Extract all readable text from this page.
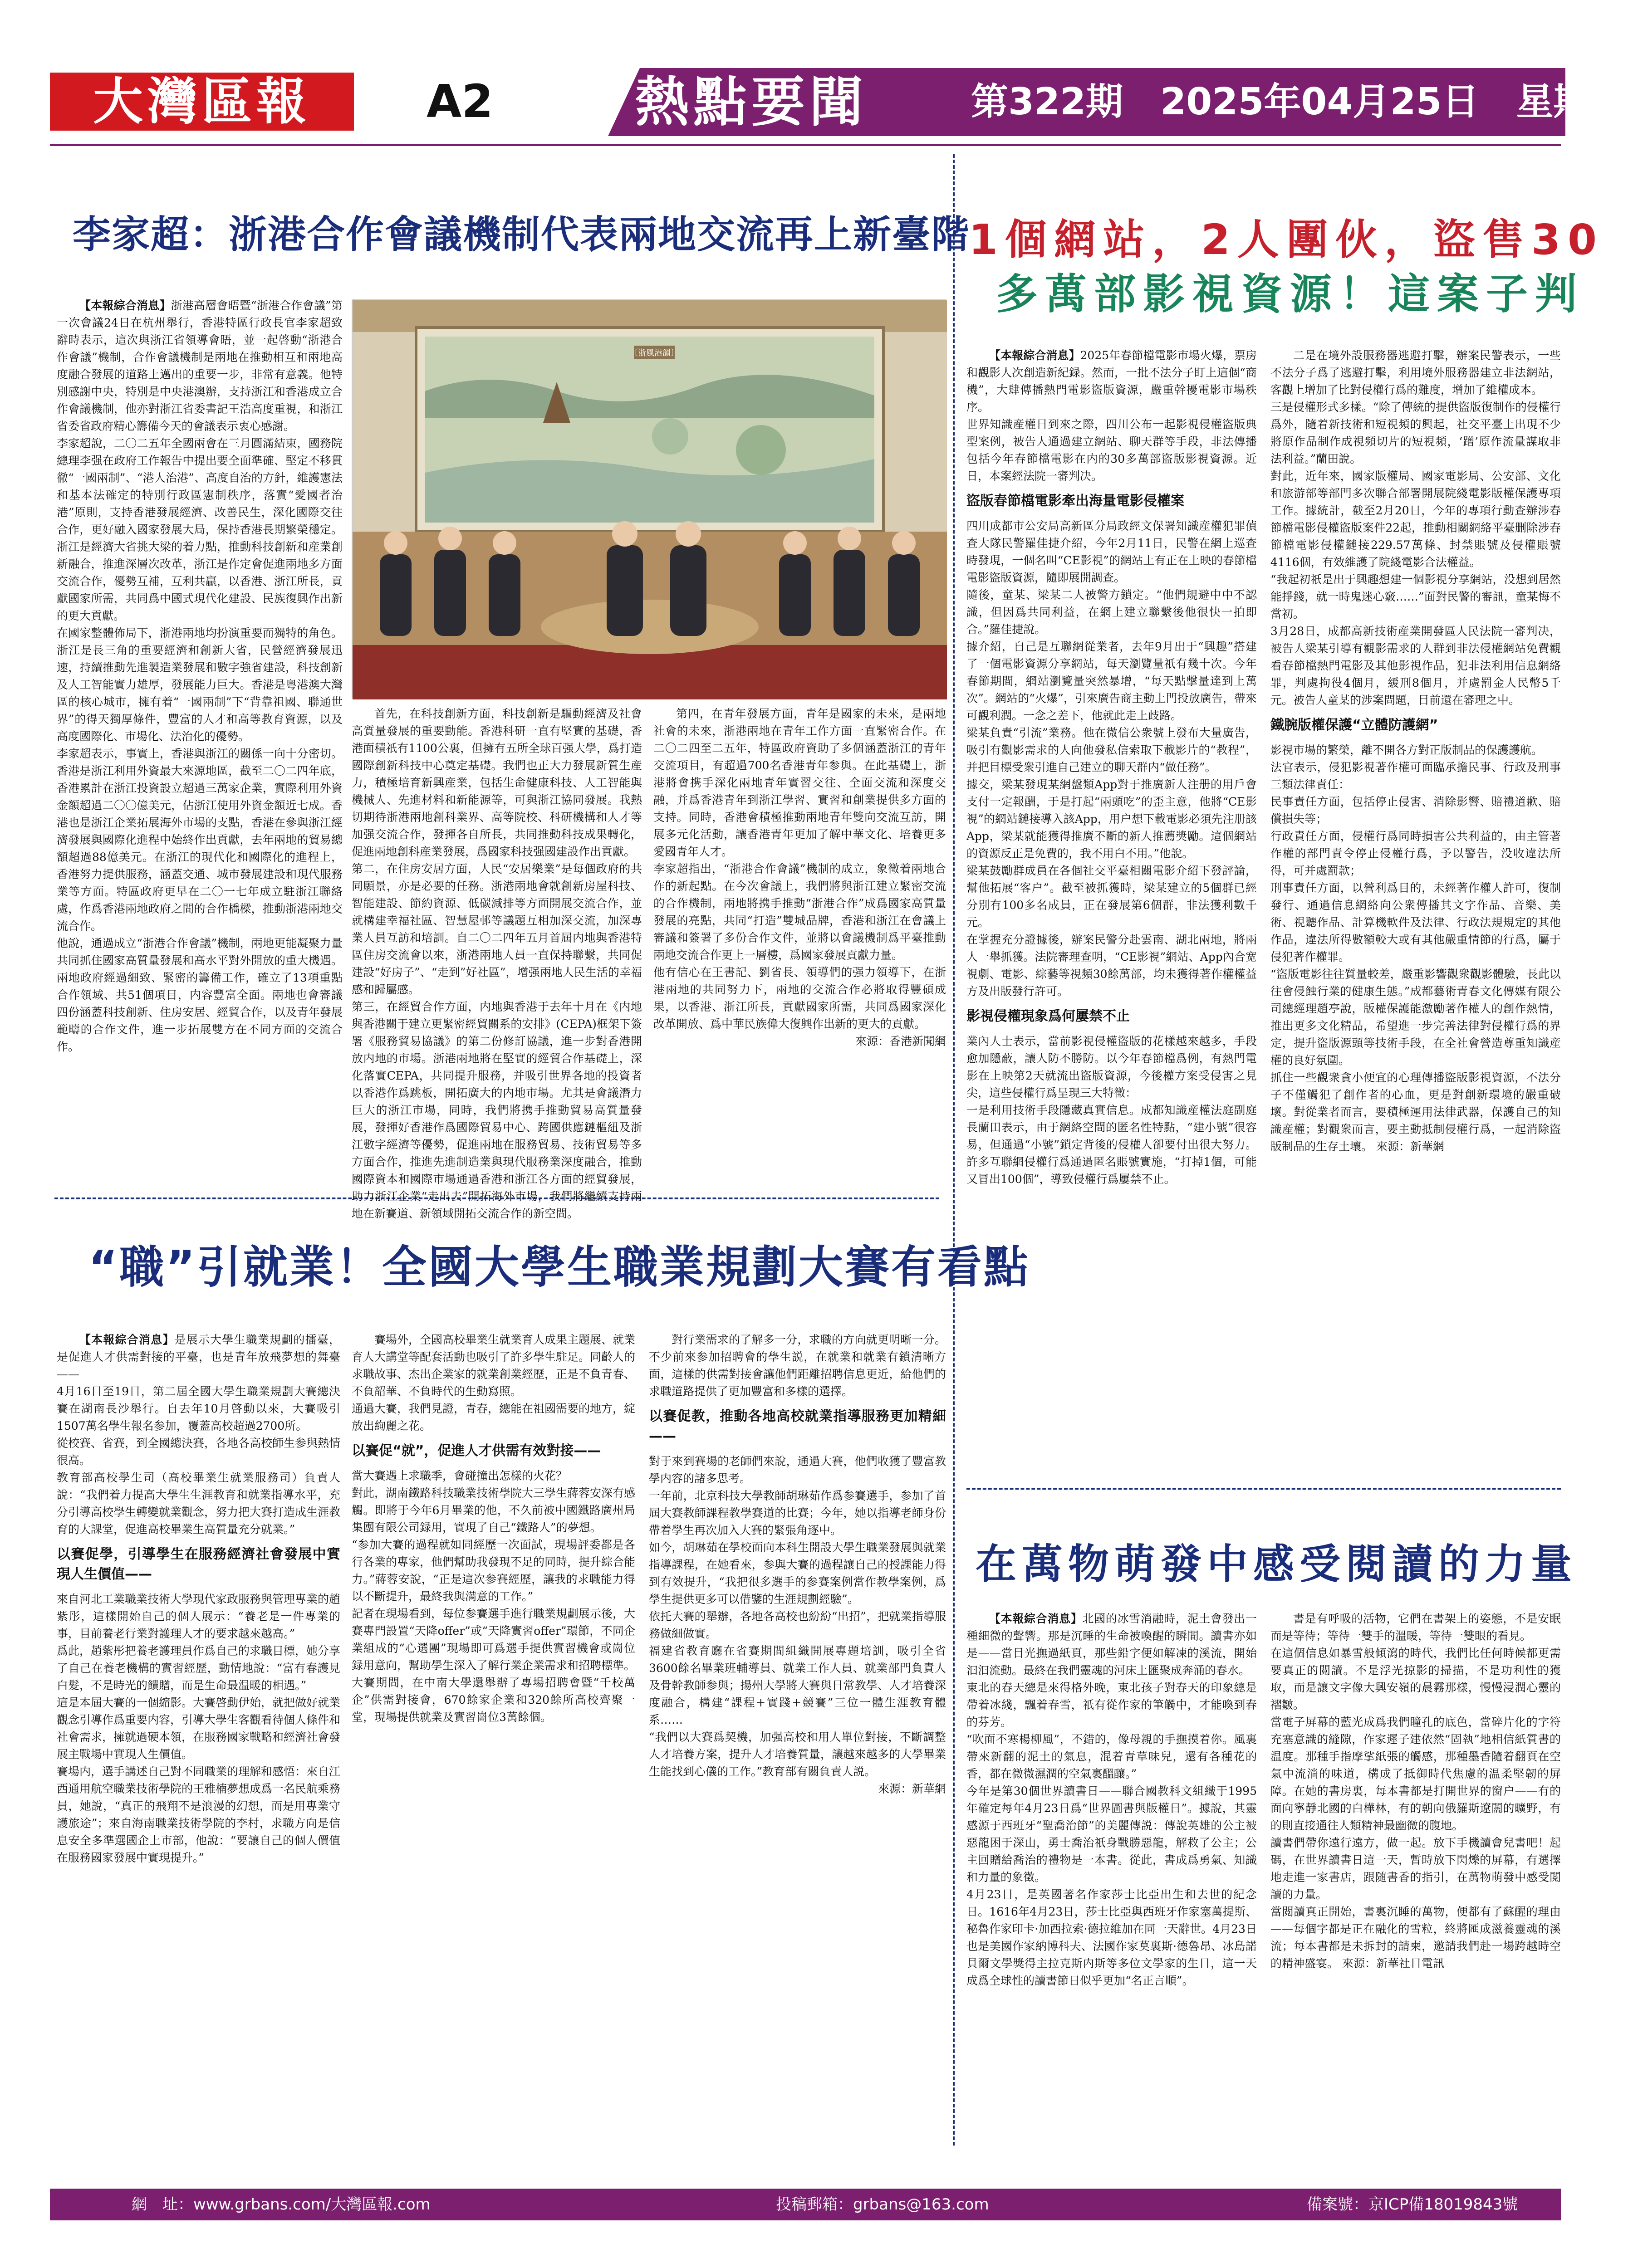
大灣區報	A2	熱點要聞	第322期　2025年04月25日　星期五
李家超：浙港合作會議機制代表兩地交流再上新臺階
【本報綜合消息】浙港高層會晤暨“浙港合作會議”第一次會議24日在杭州舉行，香港特區行政長官李家超致辭時表示，這次與浙江省領導會晤，並一起啓動“浙港合作會議”機制，合作會議機制是兩地在推動相互和兩地高度融合發展的道路上邁出的重要一步，非常有意義。他特別感謝中央，特別是中央港澳辦，支持浙江和香港成立合作會議機制，他亦對浙江省委書記王浩高度重視，和浙江省委省政府精心籌備今天的會議表示衷心感謝。
李家超說，二〇二五年全國兩會在三月圓滿結束，國務院總理李强在政府工作報告中提出要全面準確、堅定不移貫徹“一國兩制”、“港人治港”、高度自治的方針，維護憲法和基本法確定的特別行政區憲制秩序，落實“愛國者治港”原則，支持香港發展經濟、改善民生，深化國際交往合作，更好融入國家發展大局，保持香港長期繁榮穩定。浙江是經濟大省挑大梁的着力點，推動科技創新和産業創新融合，推進深層次改革，浙江是作定會促進兩地多方面交流合作，優勢互補，互利共贏，以香港、浙江所長，貢獻國家所需，共同爲中國式現代化建設、民族復興作出新的更大貢獻。
在國家整體佈局下，浙港兩地均扮演重要而獨特的角色。浙江是長三角的重要經濟和創新大省，民營經濟發展迅速，持續推動先進製造業發展和數字強省建設，科技創新及人工智能實力雄厚，發展能力巨大。香港是粵港澳大灣區的核心城市，擁有着“一國兩制”下“背靠祖國、聯通世界”的得天獨厚條件，豐富的人才和高等教育資源，以及高度國際化、市場化、法治化的優勢。
李家超表示，事實上，香港與浙江的關係一向十分密切。香港是浙江利用外資最大來源地區，截至二〇二四年底，香港累計在浙江投資設立超過三萬家企業，實際利用外資金額超過二〇〇億美元，佔浙江使用外資金額近七成。香港也是浙江企業拓展海外市場的支點，香港在參與浙江經濟發展與國際化進程中始終作出貢獻，去年兩地的貿易總額超過88億美元。在浙江的現代化和國際化的進程上，香港努力提供服務，涵蓋交通、城市發展建設和現代服務業等方面。特區政府更早在二〇一七年成立駐浙江聯絡處，作爲香港兩地政府之間的合作橋樑，推動浙港兩地交流合作。
他說，通過成立“浙港合作會議”機制，兩地更能凝聚力量共同抓住國家高質量發展和高水平對外開放的重大機遇。兩地政府經過細致、緊密的籌備工作，確立了13項重點合作領域、共51個項目，内容豐富全面。兩地也會審議四份涵蓋科技創新、住房安居、經貿合作，以及青年發展範疇的合作文件，進一步拓展雙方在不同方面的交流合作。
〔浙風港韻〕
首先，在科技創新方面，科技創新是驅動經濟及社會高質量發展的重要動能。香港科研一直有堅實的基礎，香港面積祇有1100公裏，但擁有五所全球百强大學，爲打造國際創新科技中心奠定基礎。我們也正大力發展新質生産力，積極培育新興産業，包括生命健康科技、人工智能與機械人、先進材料和新能源等，可與浙江協同發展。我熱切期待浙港兩地創科業界、高等院校、科研機構和人才等加强交流合作，發揮各自所長，共同推動科技成果轉化，促進兩地創科産業發展，爲國家科技强國建設作出貢獻。
第二，在住房安居方面，人民“安居樂業”是每個政府的共同願景，亦是必要的任務。浙港兩地會就創新房屋科技、智能建設、節約資源、低碳減排等方面開展交流合作，並就構建幸福社區、智慧屋邨等議題互相加深交流，加深專業人員互訪和培訓。自二〇二四年五月首屆内地與香港特區住房交流會以來，浙港兩地人員一直保持聯繫，共同促建設“好房子”、“走到”好社區”，增强兩地人民生活的幸福感和歸屬感。
第三，在經貿合作方面，内地與香港于去年十月在《内地與香港關于建立更緊密經貿關系的安排》(CEPA)框架下簽署《服務貿易協議》的第二份修訂協議，進一步對香港開放内地的市場。浙港兩地將在堅實的經貿合作基礎上，深化落實CEPA，共同提升服務，并吸引世界各地的投資者以香港作爲跳板，開拓廣大的内地市場。尤其是會議潛力巨大的浙江市場，同時，我們將携手推動貿易高質量發展，發揮好香港作爲國際貿易中心、跨國供應鏈樞紐及浙江數字經濟等優勢，促進兩地在服務貿易、技術貿易等多方面合作，推進先進制造業與現代服務業深度融合，推動國際資本和國際市場通過香港和浙江各方面的經貿發展，助力浙江企業“走出去”開拓海外市場，我們將繼續支持兩地在新賽道、新領域開拓交流合作的新空間。
第四，在青年發展方面，青年是國家的未來，是兩地社會的未來，浙港兩地在青年工作方面一直緊密合作。在二〇二四至二五年，特區政府資助了多個涵蓋浙江的青年交流項目，有超過700名香港青年参與。在此基礎上，浙港將會携手深化兩地青年實習交往、全面交流和深度交融，并爲香港青年到浙江學習、實習和創業提供多方面的支持。同時，香港會積極推動兩地青年雙向交流互訪，開展多元化活動，讓香港青年更加了解中華文化、培養更多愛國青年人才。
李家超指出，“浙港合作會議”機制的成立，象徵着兩地合作的新起點。在今次會議上，我們將與浙江建立緊密交流的合作機制，兩地將携手推動“浙港合作”成爲國家高質量發展的亮點，共同“打造”雙城品牌，香港和浙江在會議上審議和簽署了多份合作文件，並將以會議機制爲平臺推動兩地交流合作更上一層樓，爲國家發展貢獻力量。
他有信心在王書記、劉省長、領導們的强力領導下，在浙港兩地的共同努力下，兩地的交流合作必將取得豐碩成果，以香港、浙江所長，貢獻國家所需，共同爲國家深化改革開放、爲中華民族偉大復興作出新的更大的貢獻。

來源：香港新聞網
1個網站，2人團伙，盜售30
多萬部影視資源！這案子判
【本報綜合消息】2025年春節檔電影市場火爆，票房和觀影人次創造新紀録。然而，一批不法分子盯上這個“商機”，大肆傳播熱門電影盜版資源，嚴重幹擾電影市場秩序。
世界知識産權日到來之際，四川公布一起影視侵權盜版典型案例，被告人通過建立網站、聊天群等手段，非法傳播包括今年春節檔電影在内的30多萬部盜版影視資源。近日，本案經法院一審判决。

盜版春節檔電影牽出海量電影侵權案
四川成都市公安局高新區分局政經文保署知識産權犯罪偵查大隊民警羅佳捷介紹，今年2月11日，民警在網上巡查時發現，一個名叫“CE影視”的網站上有正在上映的春節檔電影盜版資源，隨即展開調查。
隨後，童某、梁某二人被警方鎖定。“他們規避中中不認識，但因爲共同利益，在網上建立聯繫後他很快一拍即合。”羅佳捷說。
據介紹，自己是互聯網從業者，去年9月出于“興趣”搭建了一個電影資源分享網站，每天瀏覽量祇有幾十次。今年春節期間，網站瀏覽量突然暴增，“每天點擊量達到上萬次”。網站的“火爆”，引來廣告商主動上門投放廣告，帶來可觀利潤。一念之差下，他就此走上歧路。
梁某負責“引流”業務。他在微信公衆號上發布大量廣告，吸引有觀影需求的人向他發私信索取下載影片的“教程”，并把目標受衆引進自己建立的聊天群内“做任務”。
據交，梁某發現某網盤類App對于推廣新人注册的用戶會支付一定報酬，于是打起“兩頭吃”的歪主意，他將“CE影視”的網站鏈接導入該App，用户想下載電影必須先注册該App，梁某就能獲得推廣不斷的新人推薦獎勵。這個網站的資源反正是免費的，我不用白不用。”他說。
梁某鼓勵群成員在各個社交平臺相關電影介紹下發評論，幫他拓展“客户”。截至被抓獲時，梁某建立的5個群已經分別有100多名成員，正在發展第6個群，非法獲利數千元。
在掌握充分證據後，辦案民警分赴雲南、湖北兩地，將兩人一舉抓獲。法院審理查明，“CE影視”網站、App內合宽視劇、電影、綜藝等視頻30餘萬部，均未獲得著作權權益方及出版發行許可。

影視侵權現象爲何屢禁不止
業內人士表示，當前影視侵權盜版的花樣越來越多，手段愈加隱蔽，讓人防不勝防。以今年春節檔爲例，有熱門電影在上映第2天就流出盜版資源，今後權方案受侵害之見尖，這些侵權行爲呈現三大特徵：
一是利用技術手段隱藏真實信息。成都知識産權法庭副庭長蘭田表示，由于網絡空間的匿名性特點，“建小號”很容易，但通過“小號”鎖定背後的侵權人卻要付出很大努力。許多互聯網侵權行爲通過匿名賬號實施，“打掉1個，可能又冒出100個”，導致侵權行爲屢禁不止。
二是在境外設服務器逃避打擊，辦案民警表示，一些不法分子爲了逃避打擊，利用境外服務器建立非法網站，客觀上增加了比對侵權行爲的難度，增加了維權成本。
三是侵權形式多樣。“除了傳統的提供盜版復制作的侵權行爲外，隨着新技術和短視頻的興起，社交平臺上出現不少將原作品制作成視頻切片的短視頻，‘蹭’原作流量謀取非法利益。”蘭田說。
對此，近年來，國家版權局、國家電影局、公安部、文化和旅游部等部門多次聯合部署開展院綫電影版權保護專項工作。據統計，截至2月20日，今年的專項行動查辦涉春節檔電影侵權盜版案件22起，推動相關網絡平臺删除涉春節檔電影侵權鏈接229.57萬條、封禁賬號及侵權賬號4116個，有效維護了院綫電影合法權益。
“我起初祇是出于興趣想建一個影視分享網站，没想到居然能掙錢，就一時鬼迷心竅……”面對民警的審訊，童某悔不當初。
3月28日，成都高新技術産業開發區人民法院一審判决，被告人梁某引導有觀影需求的人群到非法侵權網站免費觀看春節檔熱門電影及其他影視作品，犯非法利用信息網絡罪，判處拘役4個月，緩刑8個月，并處罰金人民幣5千元。被告人童某的涉案問題，目前還在審理之中。

鐵腕版權保護“立體防護網”
影視市場的繁榮，離不開各方對正版制品的保護護航。
法官表示，侵犯影視著作權可面臨承擔民事、行政及刑事三類法律責任：
民事責任方面，包括停止侵害、消除影響、賠禮道歉、賠償損失等；
行政責任方面，侵權行爲同時損害公共利益的，由主管著作權的部門責令停止侵權行爲，予以警告，没收違法所得，可并處罰款；
刑事責任方面，以營利爲目的，未經著作權人許可，復制發行、通過信息網絡向公衆傳播其文字作品、音樂、美術、視聽作品、計算機軟件及法律、行政法規規定的其他作品，違法所得數額較大或有其他嚴重情節的行爲，屬于侵犯著作權罪。
“盜版電影往往質量較差，嚴重影響觀衆觀影體驗，長此以往會侵蝕行業的健康生態。”成都藝術青春文化傳媒有限公司總經理趙亭說，版權保護能激勵著作權人的創作熱情，推出更多文化精品，希望進一步完善法律對侵權行爲的界定，提升盜版源頭等技術手段，在全社會營造尊重知識産權的良好氛圍。
抓住一些觀衆貪小便宜的心理傳播盜版影視資源，不法分子不僅觸犯了創作者的心血，更是對創新環境的嚴重破壞。對從業者而言，要積極運用法律武器，保護自己的知識産權；對觀衆而言，要主動抵制侵權行爲，一起消除盜版制品的生存土壤。 來源：新華網
“職”引就業！全國大學生職業規劃大賽有看點
【本報綜合消息】是展示大學生職業規劃的擂臺，是促進人才供需對接的平臺，也是青年放飛夢想的舞臺——
4月16日至19日，第二屆全國大學生職業規劃大賽總決賽在湖南長沙舉行。自去年10月啓動以來，大賽吸引1507萬名學生報名参加，覆蓋高校超過2700所。
從校賽、省賽，到全國總決賽，各地各高校師生参與熱情很高。
教育部高校學生司（高校畢業生就業服務司）負責人說：“我們着力提高大學生生涯教育和就業指導水平，充分引導高校學生轉變就業觀念，努力把大賽打造成生涯教育的大課堂，促進高校畢業生高質量充分就業。”

以賽促學，引導學生在服務經濟社會發展中實現人生價值——
來自河北工業職業技術大學現代家政服務與管理專業的趙紫彤，這樣開始自己的個人展示：“養老是一件專業的事，目前養老行業對護理人才的要求越來越高。”
爲此，趙紫彤把養老護理員作爲自己的求職目標，她分享了自己在養老機構的實習經歷，動情地說：“富有春護見白髮，不是時光的饋贈，而是生命最温暖的相遇。”
這是本屆大賽的一個縮影。大賽啓動伊始，就把做好就業觀念引導作爲重要内容，引導大學生客觀看待個人條件和社會需求，擁就過硬本領，在服務國家戰略和經濟社會發展主戰場中實現人生價值。
賽場内，選手講述自己對不同職業的理解和感悟：來自江西通用航空職業技術學院的王雅楠夢想成爲一名民航乘務員，她說，“真正的飛翔不是浪漫的幻想，而是用專業守護旅途”；來自海南職業技術學院的李村，求職方向是信息安全多準選國企上市部，他說：“要讓自己的個人價值在服務國家發展中實現提升。”
賽場外，全國高校畢業生就業育人成果主題展、就業育人大講堂等配套活動也吸引了許多學生駐足。同齡人的求職故事、杰出企業家的就業創業經歷，正是不負青春、不負韶華、不負時代的生動寫照。
通過大賽，我們見證，青春，總能在祖國需要的地方，綻放出絢麗之花。

以賽促“就”，促進人才供需有效對接——
當大賽遇上求職季，會碰撞出怎樣的火花？
對此，湖南鐵路科技職業技術學院大三學生蔣蓉安深有感觸。即將于今年6月畢業的他，不久前被中國鐵路廣州局集團有限公司録用，實現了自己“鐵路人”的夢想。
“参加大賽的過程就如同經歷一次面試，現場評委都是各行各業的專家，他們幫助我發現不足的同時，提升綜合能力。”蔣蓉安說，“正是這次参賽經歷，讓我的求職能力得以不斷提升，最終我與满意的工作。”
記者在現場看到，每位参賽選手進行職業規劃展示後，大賽專門設置“天降offer”或“天降實習offer”環節，不同企業組成的“心選團”現場即可爲選手提供實習機會或崗位録用意向，幫助學生深入了解行業企業需求和招聘標準。
大賽期間，在中南大學還舉辦了專場招聘會暨“千校萬企”供需對接會，670餘家企業和320餘所高校齊聚一堂，現場提供就業及實習崗位3萬餘個。
對行業需求的了解多一分，求職的方向就更明晰一分。不少前來参加招聘會的學生説，在就業和就業有鎖清晰方面，這樣的供需對接會讓他們距離招聘信息更近，給他們的求職道路提供了更加豐富和多樣的選擇。

以賽促教，推動各地高校就業指導服務更加精細——
對于來到賽場的老師們來說，通過大賽，他們收獲了豐富教學内容的諸多思考。
一年前，北京科技大學教師胡琳茹作爲参賽選手，参加了首屆大賽教師課程教學賽道的比賽；今年，她以指導老師身份帶着學生再次加入大賽的緊張角逐中。
如今，胡琳茹在學校面向本科生開設大學生職業發展與就業指導課程，在她看來，参與大賽的過程讓自己的授課能力得到有效提升，“我把很多選手的参賽案例當作教學案例，爲學生提供更多可以借鑒的生涯規劃經驗”。
依托大賽的舉辦，各地各高校也紛紛“出招”，把就業指導服務做細做實。
福建省教育廳在省賽期間組織開展專題培訓，吸引全省3600餘名畢業班輔導員、就業工作人員、就業部門負責人及骨幹教師参與；揚州大學將大賽與日常教學、人才培養深度融合，構建“課程+實踐+競賽”三位一體生涯教育體系……
“我們以大賽爲契機，加强高校和用人單位對接，不斷調整人才培養方案，提升人才培養質量，讓越來越多的大學畢業生能找到心儀的工作。”教育部有關負責人説。

來源：新華網
在萬物萌發中感受閱讀的力量
【本報綜合消息】北國的冰雪消融時，泥土會發出一種細微的聲響。那是沉睡的生命被喚醒的瞬間。讀書亦如是——當目光撫過紙頁，那些鉛字便如解凍的溪流，開始汩汩流動。最終在我們靈魂的河床上匯聚成奔涌的春水。
東北的春天總是來得格外晚，東北孩子對春天的印象總是帶着冰綫，飄着春雪，祇有從作家的筆觸中，才能喚到春的芬芳。
“吹面不寒楊柳風”，不錯的，像母親的手撫摸着你。風裏帶來新翻的泥土的氣息，混着青草味兒，還有各種花的香，都在微微濕潤的空氣裏醞釀。”
今年是第30個世界讀書日——聯合國教科文組織于1995年確定每年4月23日爲“世界圖書與版權日”。據說，其靈感源于西班牙“聖喬治節”的美麗傳説：傳說英雄的公主被惡龍困于深山，勇士喬治祇身戰勝惡龍，解救了公主；公主回贈給喬治的禮物是一本書。從此，書成爲勇氣、知識和力量的象徵。
4月23日，是英國著名作家莎士比亞出生和去世的紀念日。1616年4月23日，莎士比亞與西班牙作家塞萬提斯、秘魯作家印卡·加西拉索·德拉維加在同一天辭世。4月23日也是美國作家納博科夫、法國作家莫裏斯·德魯昂、冰島諾貝爾文學獎得主拉克斯内斯等多位文學家的生日，這一天成爲全球性的讀書節日似乎更加“名正言順”。
書是有呼吸的活物，它們在書架上的姿態，不是安眠而是等待；等待一雙手的溫暖，等待一雙眼的看見。
在這個信息如暴雪般傾瀉的時代，我們比任何時候都更需要真正的閲讀。不是浮光掠影的掃描，不是功利性的獲取，而是讓文字像大興安嶺的晨霧那樣，慢慢浸潤心靈的褶皺。
當電子屏幕的藍光成爲我們瞳孔的底色，當碎片化的字符充塞意識的縫隙，作家遲子建依然“固執”地相信紙質書的温度。那種手指摩挲紙張的觸感，那種墨香隨着翻頁在空氣中流淌的味道，構成了抵御時代焦慮的温柔堅韌的屏障。在她的書房裏，每本書都是打開世界的窗户——有的面向寧靜北國的白樺林，有的朝向俄羅斯遼闊的曠野，有的則直接通往人類精神最幽微的腹地。
讀書們帶你遠行遠方，做一起。放下手機讀會兒書吧！起碼，在世界讀書日這一天，暫時放下閃爍的屏幕，有選擇地走進一家書店，跟随書香的指引，在萬物萌發中感受閲讀的力量。
當閲讀真正開始，書裏沉睡的萬物，便都有了蘇醒的理由——每個字都是正在融化的雪粒，終將匯成滋養靈魂的溪流；每本書都是未拆封的請柬，邀請我們赴一場跨越時空的精神盛宴。 來源：新華社日電訊
網　址：www.grbans.com/大灣區報.com	投稿郵箱：grbans@163.com	備案號：京ICP備18019843號
